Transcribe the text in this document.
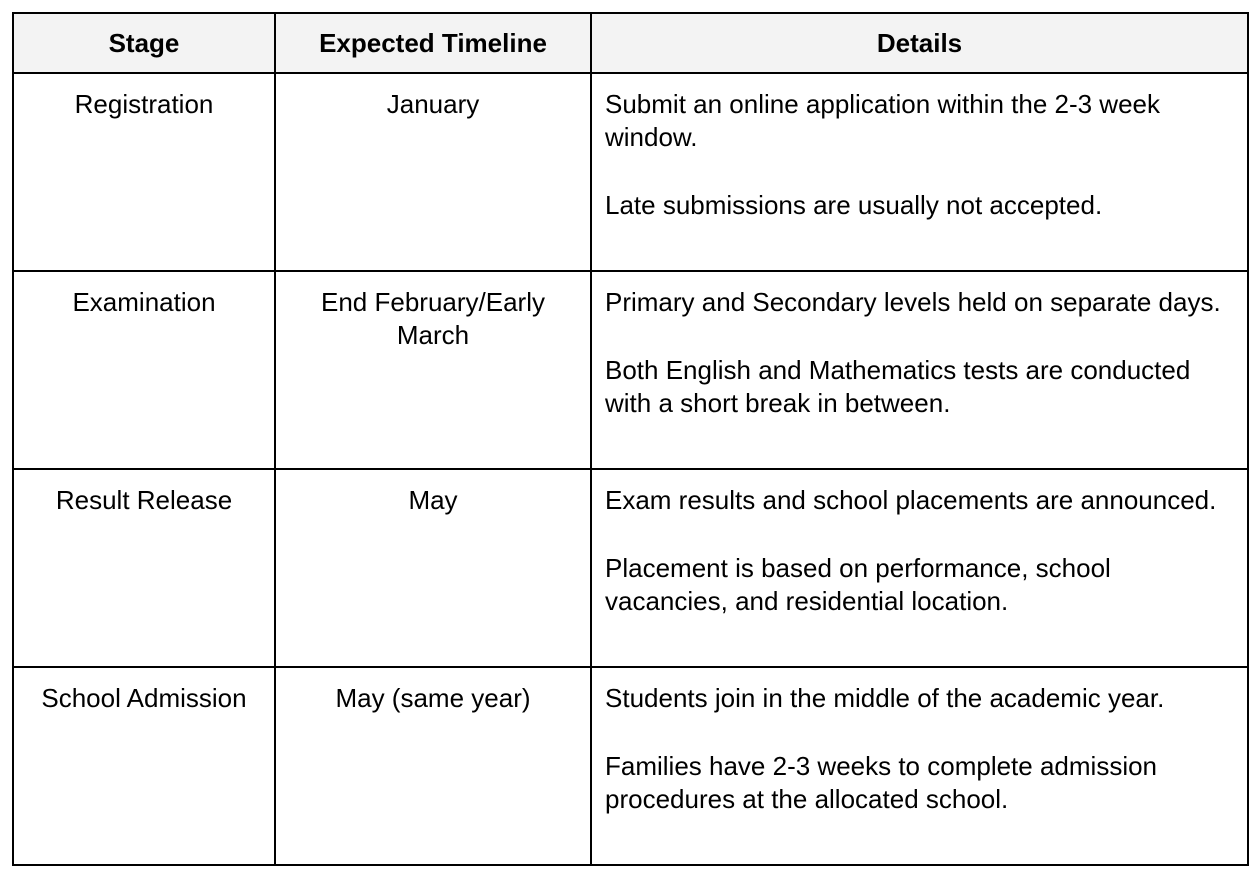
Stage	Expected Timeline	Details
Registration	January	Submit an online application within the 2-3 week window.

Late submissions are usually not accepted.

Examination	End February/Early March	Primary and Secondary levels held on separate days.

Both English and Mathematics tests are conducted with a short break in between.

Result Release	May	Exam results and school placements are announced.

Placement is based on performance, school vacancies, and residential location.

School Admission	May (same year)	Students join in the middle of the academic year.

Families have 2-3 weeks to complete admission procedures at the allocated school.
